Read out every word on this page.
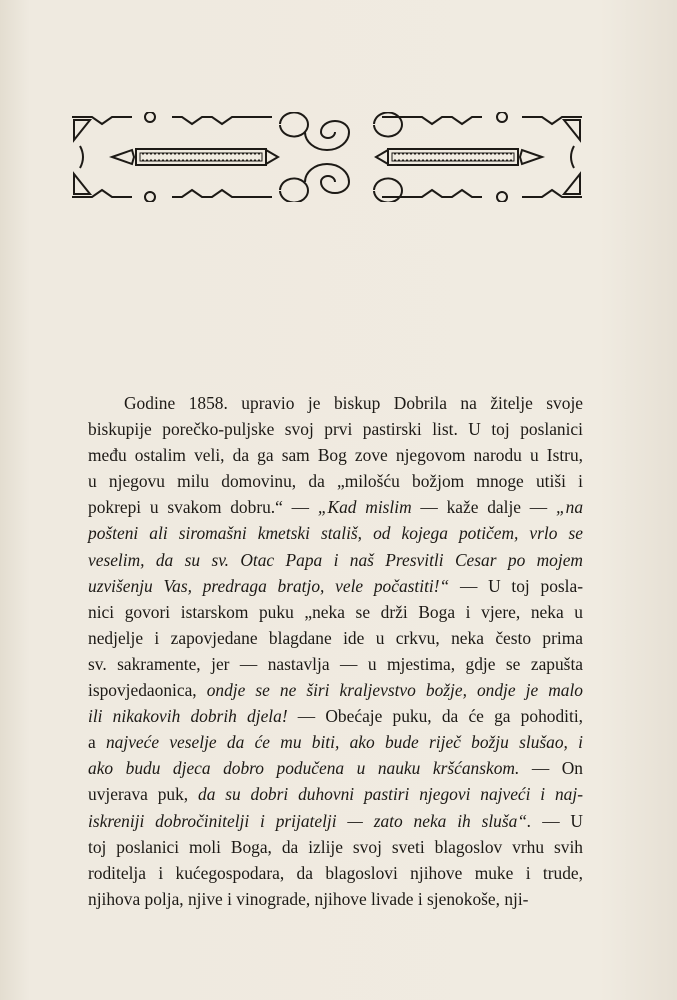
Godine 1858. upravio je biskup Dobrila na žitelje svoje
biskupije porečko-puljske svoj prvi pastirski list. U toj poslanici
među ostalim veli, da ga sam Bog zove njegovom narodu u Istru,
u njegovu milu domovinu, da „milošću božjom mnoge utiši i
pokrepi u svakom dobru.“ — „Kad mislim — kaže dalje — „na
pošteni ali siromašni kmetski stališ, od kojega potičem, vrlo se
veselim, da su sv. Otac Papa i naš Presvitli Cesar po mojem
uzvišenju Vas, predraga bratjo, vele počastiti!“ — U toj posla-
nici govori istarskom puku „neka se drži Boga i vjere, neka u
nedjelje i zapovjedane blagdane ide u crkvu, neka često prima
sv. sakramente, jer — nastavlja — u mjestima, gdje se zapušta
ispovjedaonica, ondje se ne širi kraljevstvo božje, ondje je malo
ili nikakovih dobrih djela! — Obećaje puku, da će ga pohoditi,
a najveće veselje da će mu biti, ako bude riječ božju slušao, i
ako budu djeca dobro podučena u nauku kršćanskom. — On
uvjerava puk, da su dobri duhovni pastiri njegovi najveći i naj-
iskreniji dobročinitelji i prijatelji — zato neka ih sluša“. — U
toj poslanici moli Boga, da izlije svoj sveti blagoslov vrhu svih
roditelja i kućegospodara, da blagoslovi njihove muke i trude,
njihova polja, njive i vinograde, njihove livade i sjenokoše, nji-
